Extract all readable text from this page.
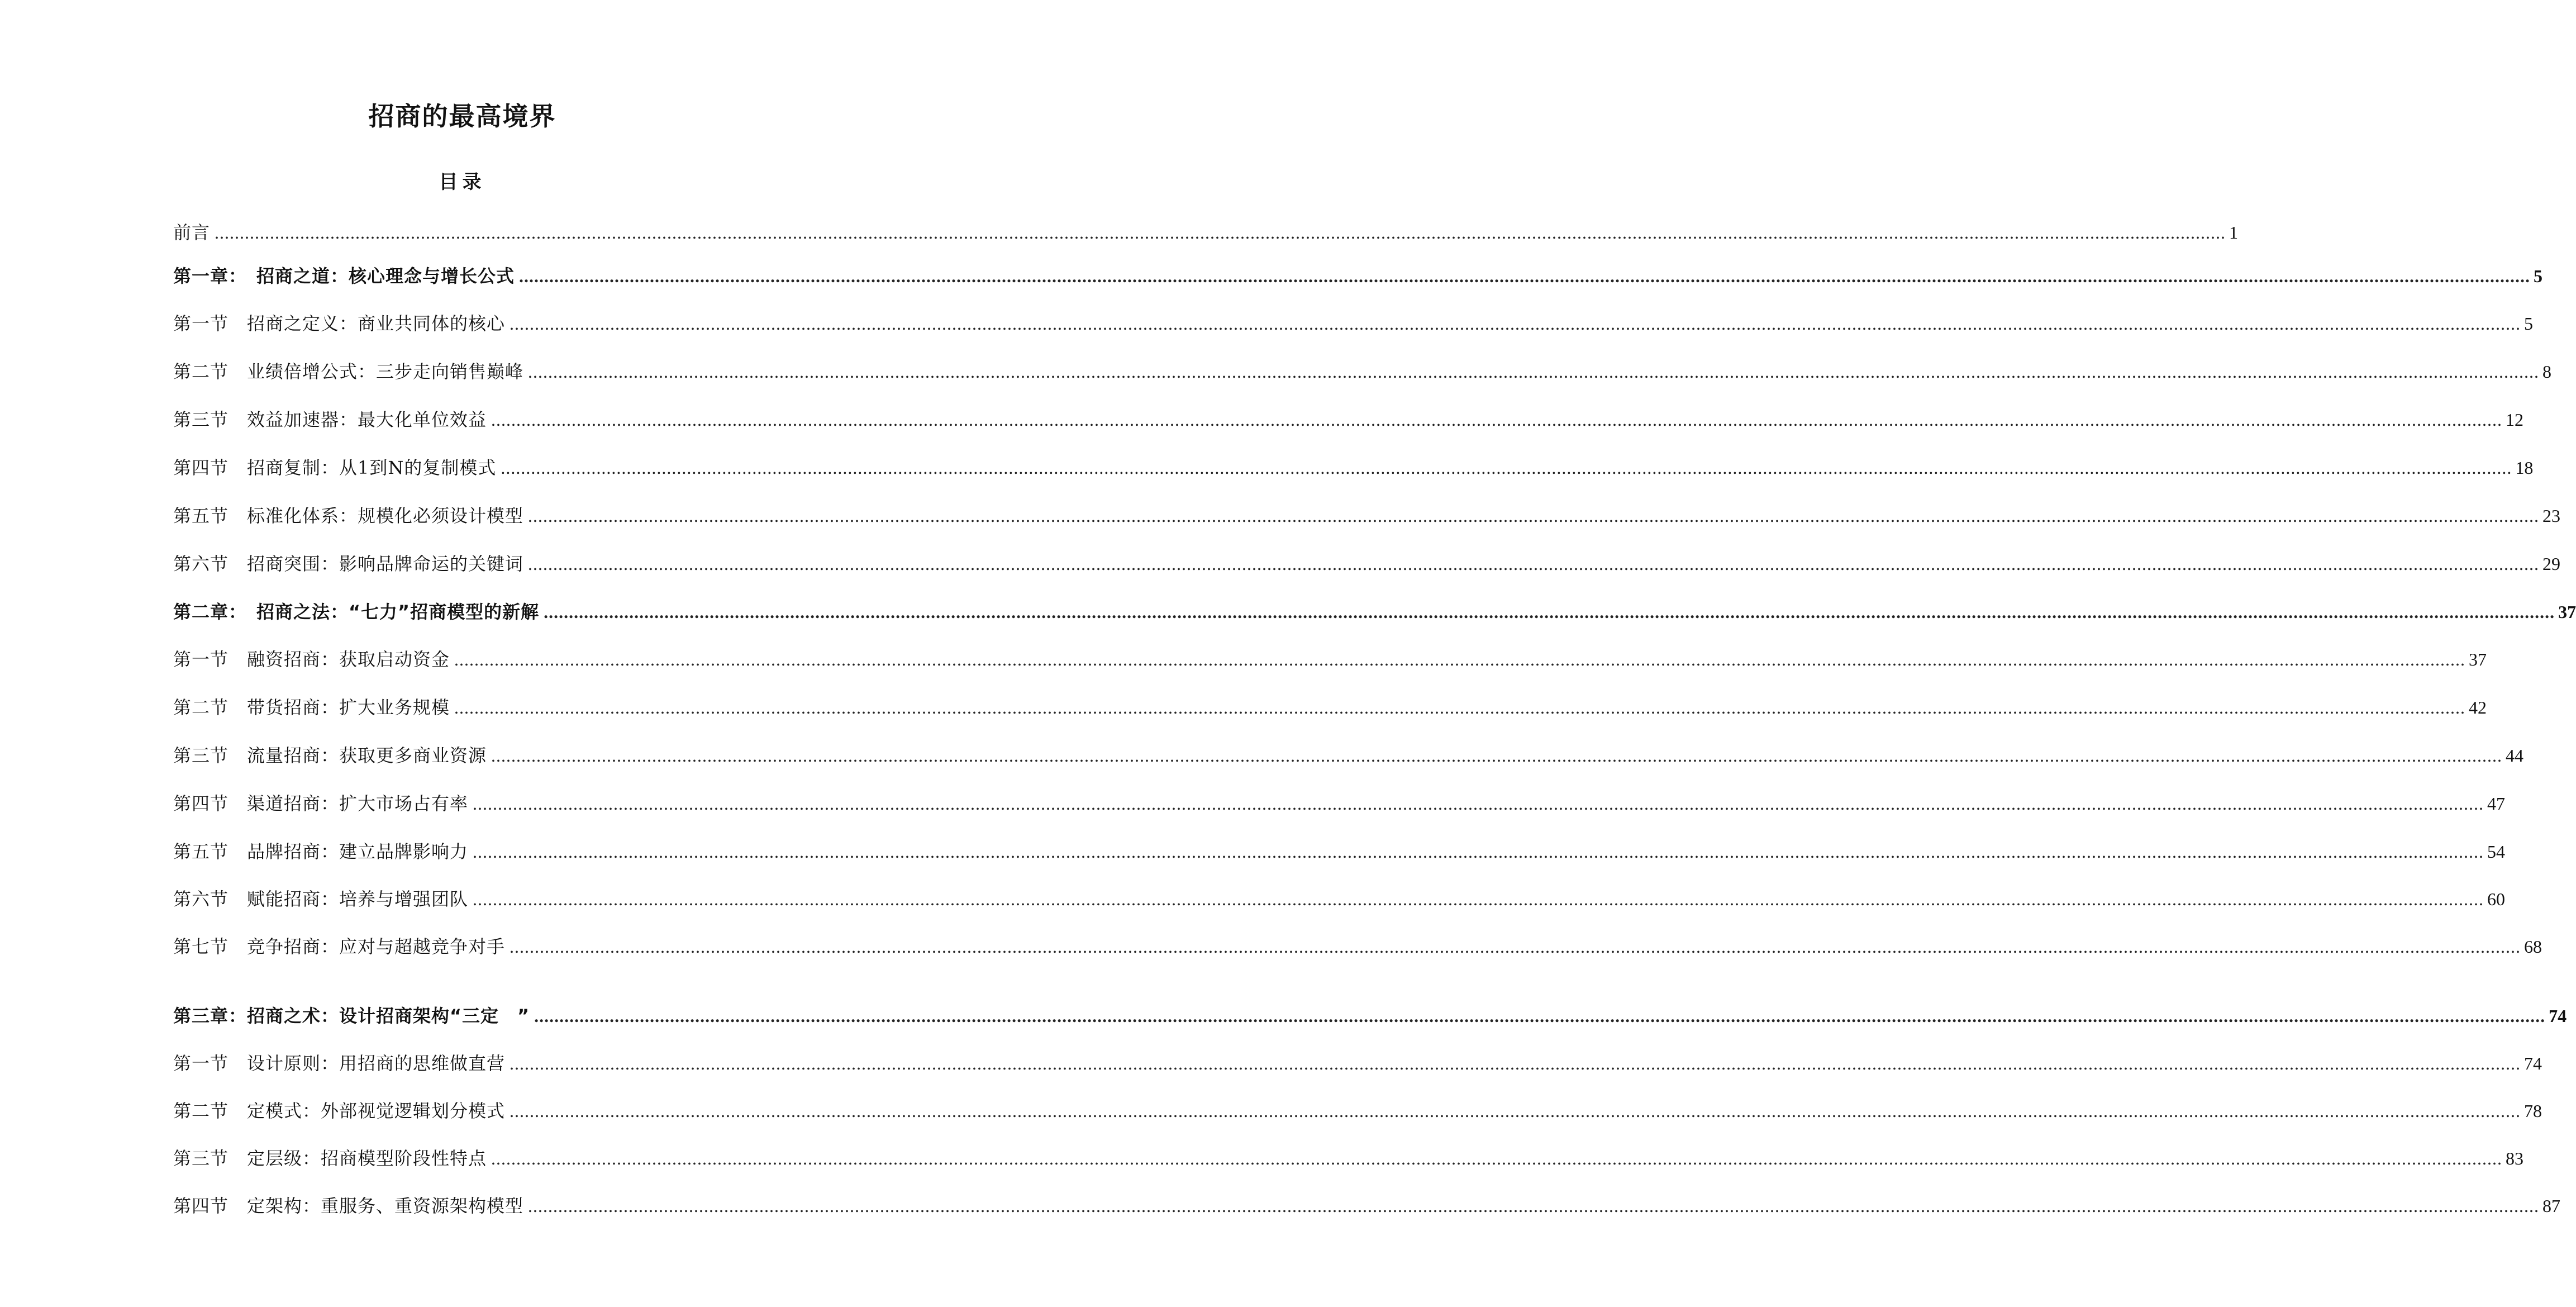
招商的最高境界
目录
前言 ................................................................................................................................................................................................................................................................................................................................................................................................................ 1
第一章：　招商之道：核心理念与增长公式 ................................................................................................................................................................................................................................................................................................................................................................................................................ 5
第一节　招商之定义：商业共同体的核心 ................................................................................................................................................................................................................................................................................................................................................................................................................ 5
第二节　业绩倍增公式：三步走向销售巅峰 ................................................................................................................................................................................................................................................................................................................................................................................................................ 8
第三节　效益加速器：最大化单位效益 ................................................................................................................................................................................................................................................................................................................................................................................................................ 12
第四节　招商复制：从1到N的复制模式 ................................................................................................................................................................................................................................................................................................................................................................................................................ 18
第五节　标准化体系：规模化必须设计模型 ................................................................................................................................................................................................................................................................................................................................................................................................................ 23
第六节　招商突围：影响品牌命运的关键词 ................................................................................................................................................................................................................................................................................................................................................................................................................ 29
第二章：　招商之法：“七力”招商模型的新解 ................................................................................................................................................................................................................................................................................................................................................................................................................ 37
第一节　融资招商：获取启动资金 ................................................................................................................................................................................................................................................................................................................................................................................................................ 37
第二节　带货招商：扩大业务规模 ................................................................................................................................................................................................................................................................................................................................................................................................................ 42
第三节　流量招商：获取更多商业资源 ................................................................................................................................................................................................................................................................................................................................................................................................................ 44
第四节　渠道招商：扩大市场占有率 ................................................................................................................................................................................................................................................................................................................................................................................................................ 47
第五节　品牌招商：建立品牌影响力 ................................................................................................................................................................................................................................................................................................................................................................................................................ 54
第六节　赋能招商：培养与增强团队 ................................................................................................................................................................................................................................................................................................................................................................................................................ 60
第七节　竞争招商：应对与超越竞争对手 ................................................................................................................................................................................................................................................................................................................................................................................................................ 68
第三章：招商之术：设计招商架构“三定　” ................................................................................................................................................................................................................................................................................................................................................................................................................ 74
第一节　设计原则：用招商的思维做直营 ................................................................................................................................................................................................................................................................................................................................................................................................................ 74
第二节　定模式：外部视觉逻辑划分模式 ................................................................................................................................................................................................................................................................................................................................................................................................................ 78
第三节　定层级：招商模型阶段性特点 ................................................................................................................................................................................................................................................................................................................................................................................................................ 83
第四节　定架构：重服务、重资源架构模型 ................................................................................................................................................................................................................................................................................................................................................................................................................ 87
